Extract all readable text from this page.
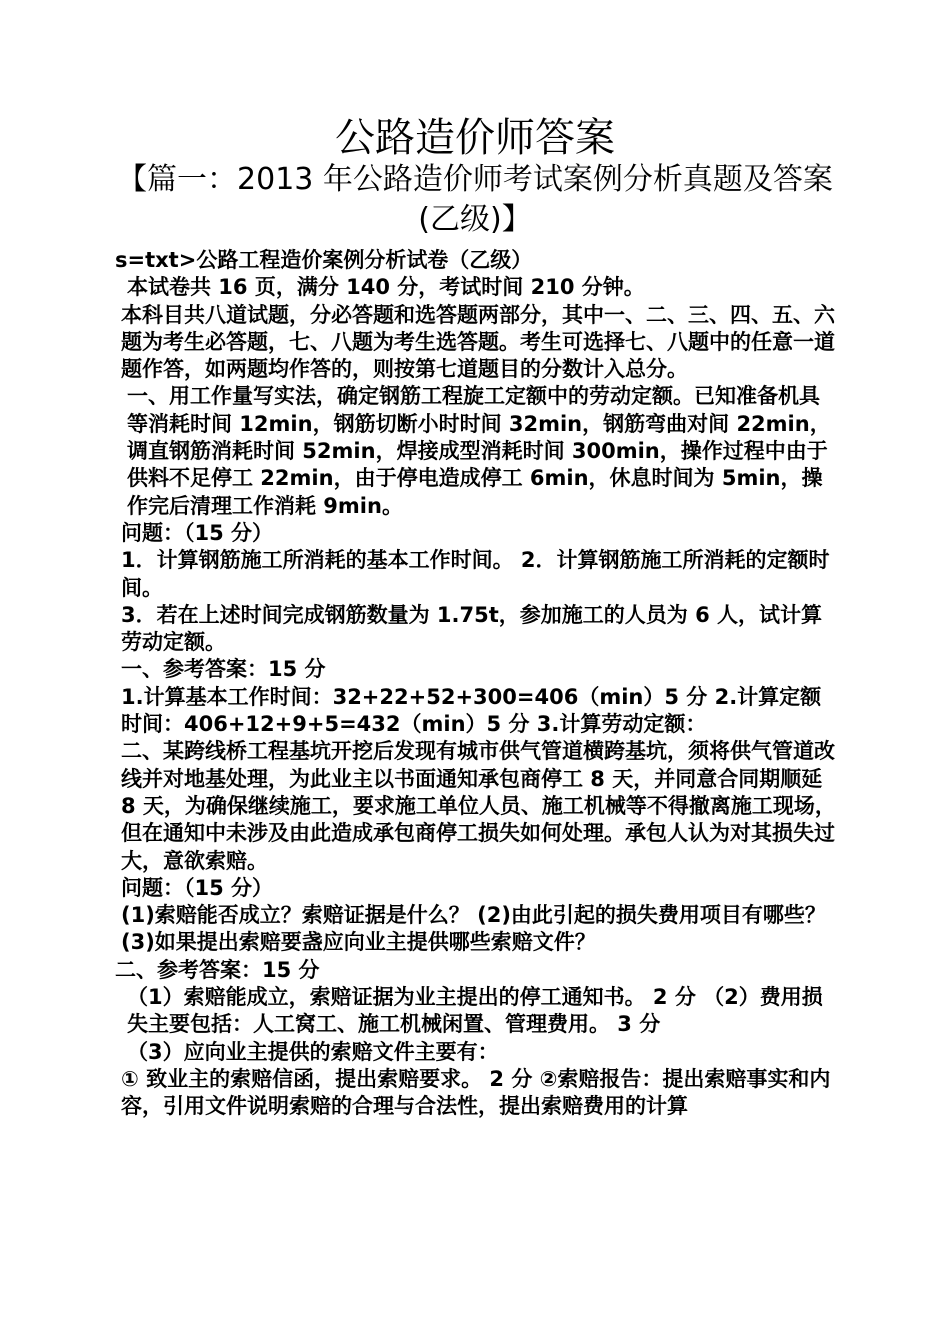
公路造价师答案
【篇一：2013 年公路造价师考试案例分析真题及答案
(乙级)】

s=txt>公路工程造价案例分析试卷（乙级）

本试卷共 16 页，满分 140 分，考试时间 210 分钟。

本科目共八道试题，分必答题和选答题两部分，其中一、二、三、四、五、六题为考生必答题，七、八题为考生选答题。考生可选择七、八题中的任意一道题作答，如两题均作答的，则按第七道题目的分数计入总分。

一、用工作量写实法，确定钢筋工程旋工定额中的劳动定额。已知准备机具等消耗时间 12min，钢筋切断小时时间 32min，钢筋弯曲对间 22min，调直钢筋消耗时间 52min，焊接成型消耗时间 300min，操作过程中由于供料不足停工 22min，由于停电造成停工 6min，休息时间为 5min，操作完后清理工作消耗 9min。

问题：（15 分）

1．计算钢筋施工所消耗的基本工作时间。 2．计算钢筋施工所消耗的定额时间。

3．若在上述时间完成钢筋数量为 1.75t，参加施工的人员为 6 人，试计算劳动定额。

一、参考答案：15 分

1.计算基本工作时间：32+22+52+300=406（min）5 分 2.计算定额时间：406+12+9+5=432（min）5 分 3.计算劳动定额：

二、某跨线桥工程基坑开挖后发现有城市供气管道横跨基坑，须将供气管道改线并对地基处理，为此业主以书面通知承包商停工 8 天，并同意合同期顺延 8 天，为确保继续施工，要求施工单位人员、施工机械等不得撤离施工现场，但在通知中未涉及由此造成承包商停工损失如何处理。承包人认为对其损失过大，意欲索赔。

问题：（15 分）

(1)索赔能否成立？索赔证据是什么？ (2)由此引起的损失费用项目有哪些？

(3)如果提出索赔要盏应向业主提供哪些索赔文件？

二、参考答案：15 分

（1）索赔能成立，索赔证据为业主提出的停工通知书。 2 分 （2）费用损失主要包括：人工窝工、施工机械闲置、管理费用。 3 分

（3）应向业主提供的索赔文件主要有：

① 致业主的索赔信函，提出索赔要求。 2 分 ②索赔报告：提出索赔事实和内容，引用文件说明索赔的合理与合法性，提出索赔费用的计算
